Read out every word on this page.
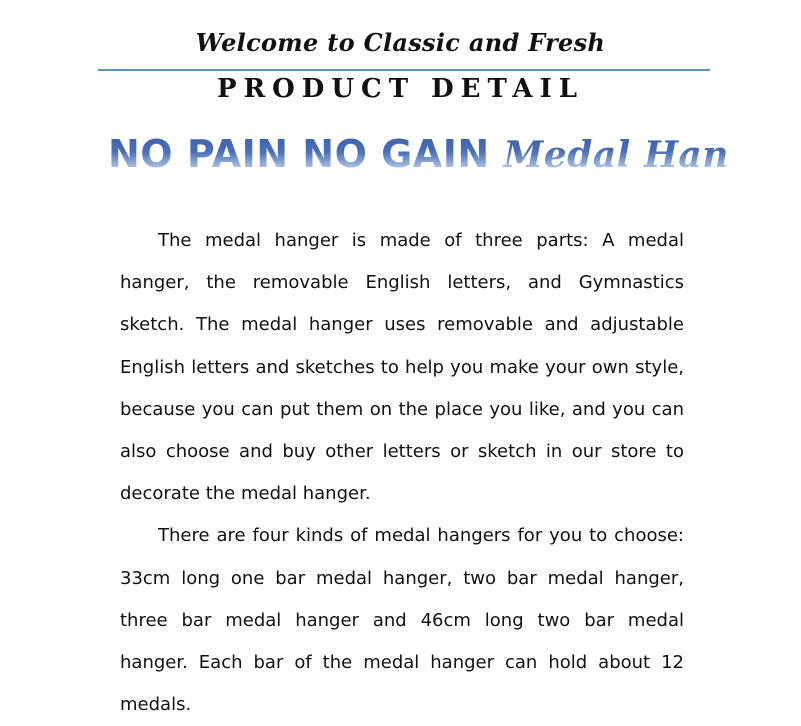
Welcome to Classic and Fresh
PRODUCT DETAIL
NO PAIN NO GAIN Medal Hanger

The medal hanger is made of three parts: A medal hanger, the removable English letters, and Gymnastics sketch. The medal hanger uses removable and adjustable English letters and sketches to help you make your own style, because you can put them on the place you like, and you can also choose and buy other letters or sketch in our store to decorate the medal hanger.

There are four kinds of medal hangers for you to choose: 33cm long one bar medal hanger, two bar medal hanger, three bar medal hanger and 46cm long two bar medal hanger. Each bar of the medal hanger can hold about 12 medals.
